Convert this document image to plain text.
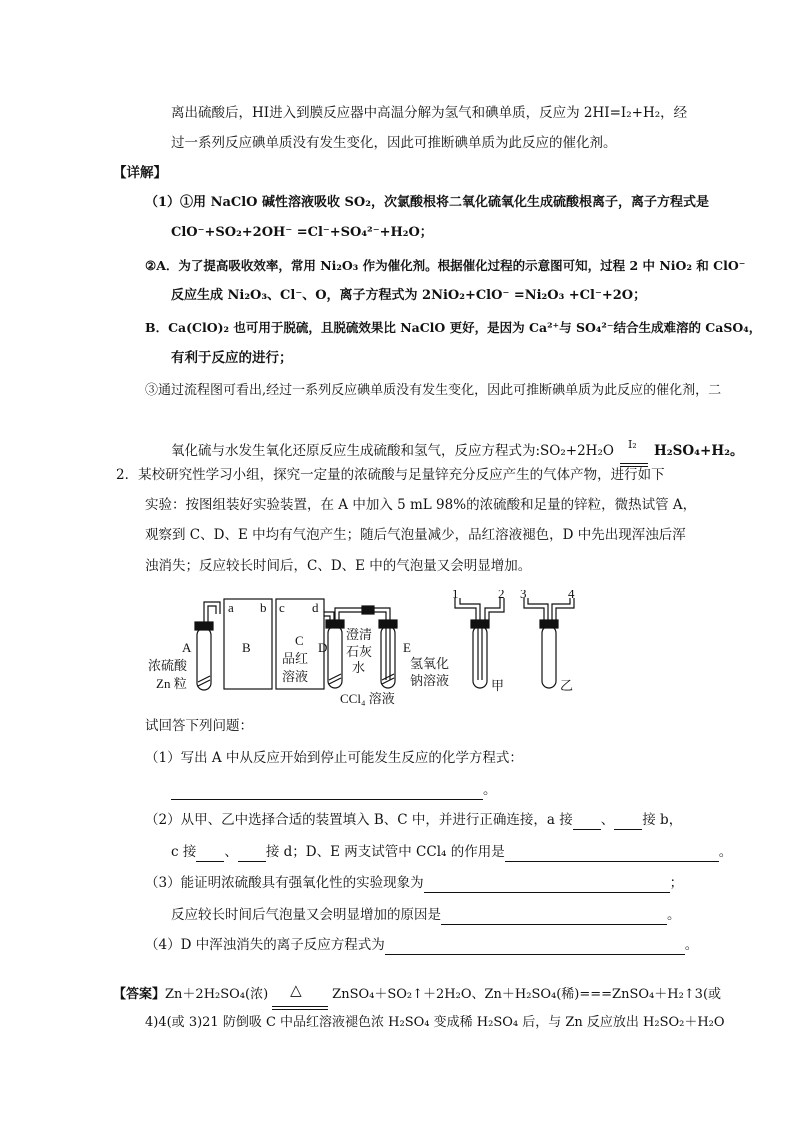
离出硫酸后，HI进入到膜反应器中高温分解为氢气和碘单质，反应为 2HI=I₂+H₂，经
过一系列反应碘单质没有发生变化，因此可推断碘单质为此反应的催化剂。
【详解】
（1）①用 NaClO 碱性溶液吸收 SO₂，次氯酸根将二氧化硫氧化生成硫酸根离子，离子方程式是
ClO⁻+SO₂+2OH⁻ =Cl⁻+SO₄²⁻+H₂O；
②A．为了提高吸收效率，常用 Ni₂O₃ 作为催化剂。根据催化过程的示意图可知，过程 2 中 NiO₂ 和 ClO⁻
反应生成 Ni₂O₃、Cl⁻、O，离子方程式为 2NiO₂+ClO⁻ =Ni₂O₃ +Cl⁻+2O；
B．Ca(ClO)₂ 也可用于脱硫，且脱硫效果比 NaClO 更好，是因为 Ca²⁺与 SO₄²⁻结合生成难溶的 CaSO₄，
有利于反应的进行；
③通过流程图可看出,经过一系列反应碘单质没有发生变化，因此可推断碘单质为此反应的催化剂，二
氧化硫与水发生氧化还原反应生成硫酸和氢气，反应方程式为:SO₂+2H₂O I₂ H₂SO₄+H₂。
2．某校研究性学习小组，探究一定量的浓硫酸与足量锌充分反应产生的气体产物，进行如下
实验：按图组装好实验装置，在 A 中加入 5 mL 98%的浓硫酸和足量的锌粒，微热试管 A，
观察到 C、D、E 中均有气泡产生；随后气泡量减少，品红溶液褪色，D 中先出现浑浊后浑
浊消失；反应较长时间后，C、D、E 中的气泡量又会明显增加。
a b c d
B	C
品红
溶液
A
浓硫酸
Zn 粒
D
澄清
石灰
水
CCl₄ 溶液
E
氢氧化
钠溶液
1	2 3	4
甲	乙
试回答下列问题：
（1）写出 A 中从反应开始到停止可能发生反应的化学方程式：
。
（2）从甲、乙中选择合适的装置填入 B、C 中，并进行正确连接，a 接 、 接 b，
c 接 、 接 d；D、E 两支试管中 CCl₄ 的作用是	。
（3）能证明浓硫酸具有强氧化性的实验现象为	；
反应较长时间后气泡量又会明显增加的原因是	。
（4）D 中浑浊消失的离子反应方程式为	。
【答案】Zn＋2H₂SO₄(浓) △ ZnSO₄＋SO₂↑＋2H₂O、Zn＋H₂SO₄(稀)===ZnSO₄＋H₂↑3(或
4)4(或 3)21 防倒吸 C 中品红溶液褪色浓 H₂SO₄ 变成稀 H₂SO₄ 后，与 Zn 反应放出 H₂SO₂＋H₂O
